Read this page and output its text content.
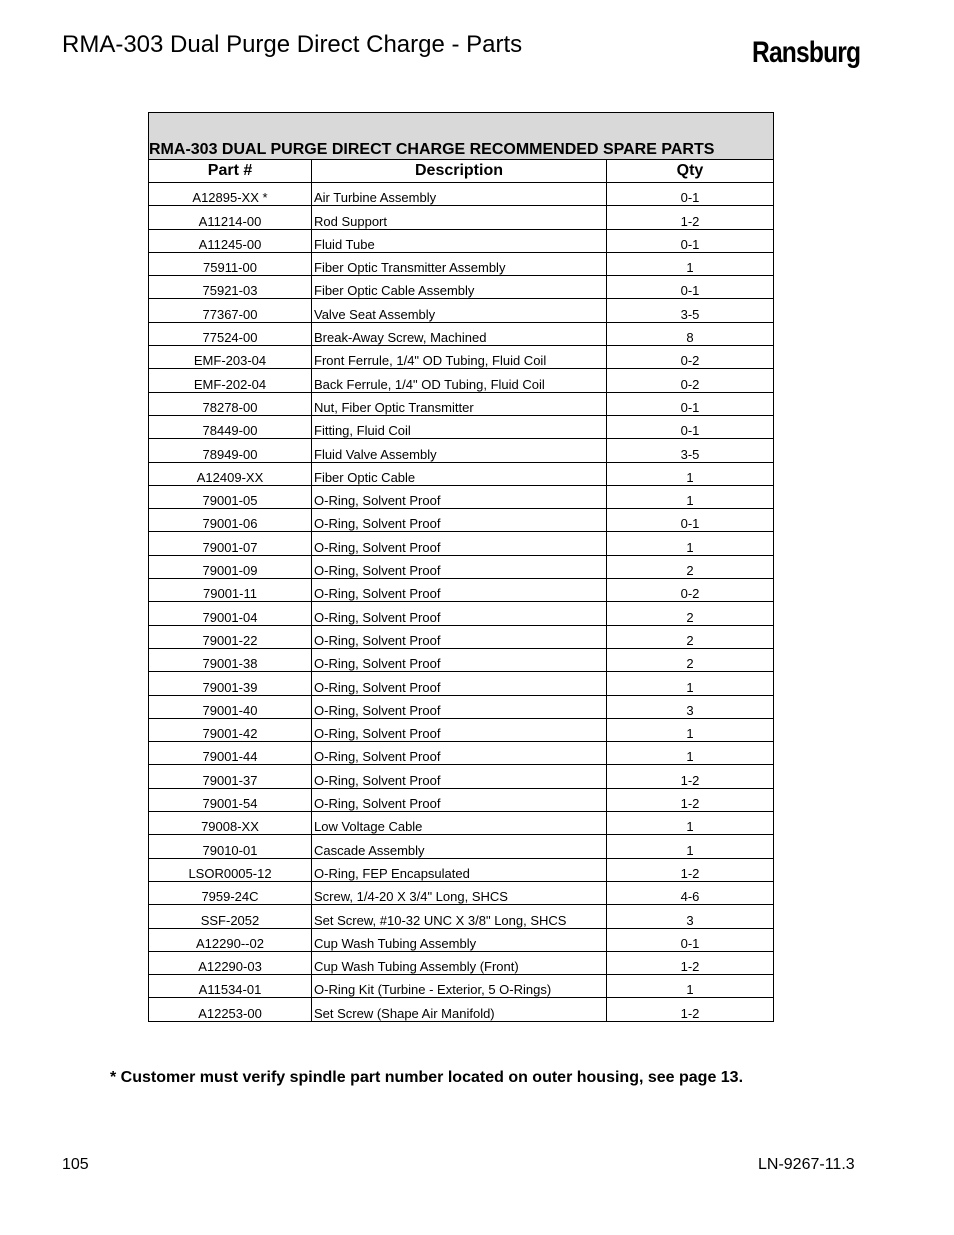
RMA-303 Dual Purge Direct Charge - Parts	Ransburg
RMA-303 DUAL PURGE DIRECT CHARGE RECOMMENDED SPARE PARTS		
Part #	Description	Qty
A12895-XX *	Air Turbine Assembly	0-1
A11214-00	Rod Support	1-2
A11245-00	Fluid Tube	0-1
75911-00	Fiber Optic Transmitter Assembly	1
75921-03	Fiber Optic Cable Assembly	0-1
77367-00	Valve Seat Assembly	3-5
77524-00	Break-Away Screw, Machined	8
EMF-203-04	Front Ferrule, 1/4" OD Tubing, Fluid Coil	0-2
EMF-202-04	Back Ferrule, 1/4" OD Tubing, Fluid Coil	0-2
78278-00	Nut, Fiber Optic Transmitter	0-1
78449-00	Fitting, Fluid Coil	0-1
78949-00	Fluid Valve Assembly	3-5
A12409-XX	Fiber Optic Cable	1
79001-05	O-Ring, Solvent Proof	1
79001-06	O-Ring, Solvent Proof	0-1
79001-07	O-Ring, Solvent Proof	1
79001-09	O-Ring, Solvent Proof	2
79001-11	O-Ring, Solvent Proof	0-2
79001-04	O-Ring, Solvent Proof	2
79001-22	O-Ring, Solvent Proof	2
79001-38	O-Ring, Solvent Proof	2
79001-39	O-Ring, Solvent Proof	1
79001-40	O-Ring, Solvent Proof	3
79001-42	O-Ring, Solvent Proof	1
79001-44	O-Ring, Solvent Proof	1
79001-37	O-Ring, Solvent Proof	1-2
79001-54	O-Ring, Solvent Proof	1-2
79008-XX	Low Voltage Cable	1
79010-01	Cascade Assembly	1
LSOR0005-12	O-Ring, FEP Encapsulated	1-2
7959-24C	Screw, 1/4-20 X 3/4" Long, SHCS	4-6
SSF-2052	Set Screw, #10-32 UNC X 3/8" Long, SHCS	3
A12290--02	Cup Wash Tubing Assembly	0-1
A12290-03	Cup Wash Tubing Assembly (Front)	1-2
A11534-01	O-Ring Kit (Turbine - Exterior, 5 O-Rings)	1
A12253-00	Set Screw (Shape Air Manifold)	1-2
* Customer must verify spindle part number located on outer housing, see page 13.
105	LN-9267-11.3
